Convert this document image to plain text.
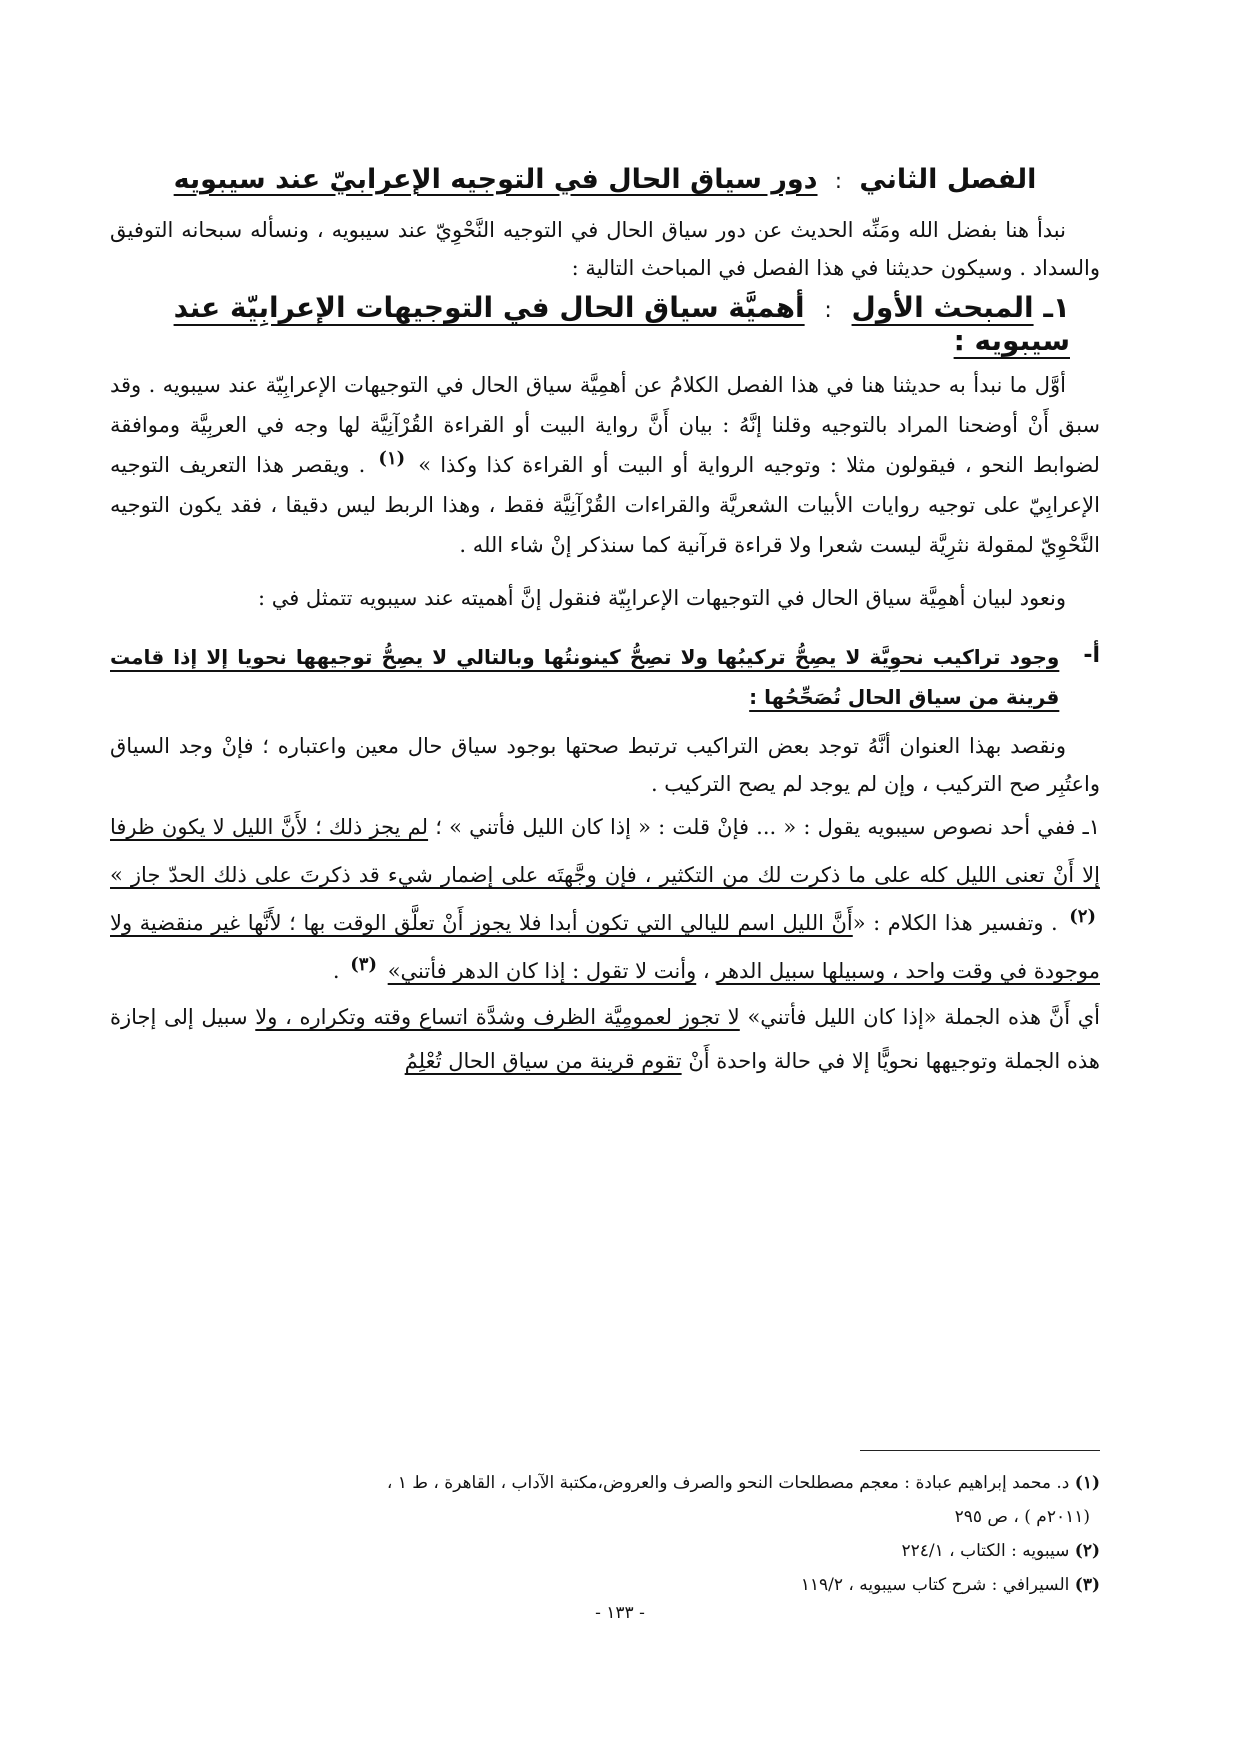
الفصل الثاني : دور سياق الحال في التوجيه الإعرابيّ عند سيبويه

نبدأ هنا بفضل الله ومَنِّه الحديث عن دور سياق الحال في التوجيه النَّحْوِيّ عند سيبويه ، ونسأله سبحانه التوفيق والسداد . وسيكون حديثنا في هذا الفصل في المباحث التالية :

١ـ المبحث الأول : أهميَّة سياق الحال في التوجيهات الإعرابِيّة عند سيبويه :

أوَّل ما نبدأ به حديثنا هنا في هذا الفصل الكلامُ عن أهمِيَّة سياق الحال في التوجيهات الإعرابِيّة عند سيبويه . وقد سبق أَنْ أوضحنا المراد بالتوجيه وقلنا إنَّهُ : بيان أَنَّ رواية البيت أو القراءة القُرْآنِيَّة لها وجه في العربِيَّة وموافقة لضوابط النحو ، فيقولون مثلا : وتوجيه الرواية أو البيت أو القراءة كذا وكذا » (١) . ويقصر هذا التعريف التوجيه الإعرابِيّ على توجيه روايات الأبيات الشعريَّة والقراءات القُرْآنِيَّة فقط ، وهذا الربط ليس دقيقا ، فقد يكون التوجيه النَّحْوِيّ لمقولة نثرِيَّة ليست شعرا ولا قراءة قرآنية كما سنذكر إنْ شاء الله .

ونعود لبيان أهمِيَّة سياق الحال في التوجيهات الإعرابِيّة فنقول إنَّ أهميته عند سيبويه تتمثل في :

أ‌-
وجود تراكيب نحوِيَّة لا يصِحُّ تركيبُها ولا تصِحُّ كينونتُها وبالتالي لا يصِحُّ توجيهها نحويا إلا إذا قامت قرينة من سياق الحال تُصَحِّحُها :

ونقصد بهذا العنوان أنَّهُ توجد بعض التراكيب ترتبط صحتها بوجود سياق حال معين واعتباره ؛ فإنْ وجد السياق واعتُبِر صح التركيب ، وإن لم يوجد لم يصح التركيب .

١ـ ففي أحد نصوص سيبويه يقول : « ... فإنْ قلت : « إذا كان الليل فأتني » ؛ لم يجز ذلك ؛ لأَنَّ الليل لا يكون ظرفا إلا أَنْ تعنى الليل كله على ما ذكرت لك من التكثير ، فإن وجَّهتَه على إضمار شيء قد ذكرتَ على ذلك الحدّ جاز » (٢) . وتفسير هذا الكلام : «أَنَّ الليل اسم لليالي التي تكون أبدا فلا يجوز أَنْ تعلَّق الوقت بها ؛ لأَنَّها غير منقضية ولا موجودة في وقت واحد ، وسبيلها سبيل الدهر ، وأنت لا تقول : إذا كان الدهر فأتني» (٣) .

أي أَنَّ هذه الجملة «إذا كان الليل فأتني» لا تجوز لعمومِيَّة الظرف وشدَّة اتساع وقته وتكراره ، ولا سبيل إلى إجازة هذه الجملة وتوجيهها نحويًّا إلا في حالة واحدة أَنْ تقوم قرينة من سياق الحال تُعْلِمُ

(١) د. محمد إبراهيم عبادة : معجم مصطلحات النحو والصرف والعروض،مكتبة الآداب ، القاهرة ، ط ١ ،
(٢٠١١م ) ، ص ٢٩٥
(٢) سيبويه : الكتاب ، ٢٢٤/١
(٣) السيرافي : شرح كتاب سيبويه ، ١١٩/٢
- ١٣٣ -
